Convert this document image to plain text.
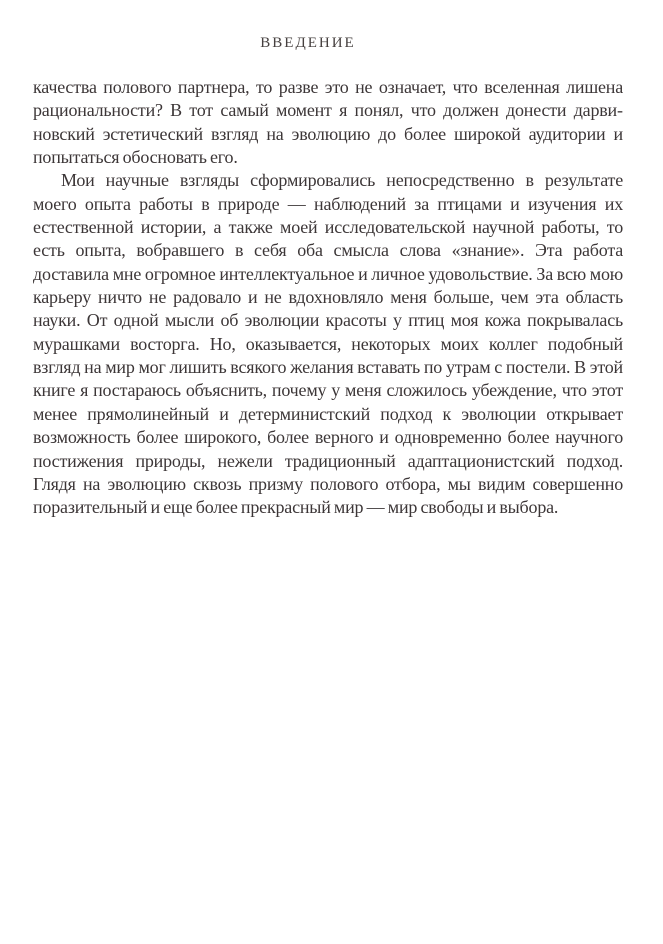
ВВЕДЕНИЕ

качества полового партнера, то разве это не означает, что вселенная лишена рациональности? В тот самый момент я понял, что должен донести дарвиновский эстетический взгляд на эволюцию до более широкой аудитории и попытаться обосновать его.

Мои научные взгляды сформировались непосредственно в результате моего опыта работы в природе — наблюдений за птицами и изучения их естественной истории, а также моей исследовательской научной работы, то есть опыта, вобравшего в себя оба смысла слова «знание». Эта работа доставила мне огромное интеллектуальное и личное удовольствие. За всю мою карьеру ничто не радовало и не вдохновляло меня больше, чем эта область науки. От одной мысли об эволюции красоты у птиц моя кожа покрывалась мурашками восторга. Но, оказывается, некоторых моих коллег подобный взгляд на мир мог лишить всякого желания вставать по утрам с постели. В этой книге я постараюсь объяснить, почему у меня сложилось убеждение, что этот менее прямолинейный и детерминистский подход к эволюции открывает возможность более широкого, более верного и одновременно более научного постижения природы, нежели традиционный адаптационистский подход. Глядя на эволюцию сквозь призму полового отбора, мы видим совершенно поразительный и еще более прекрасный мир — мир свободы и выбора.
